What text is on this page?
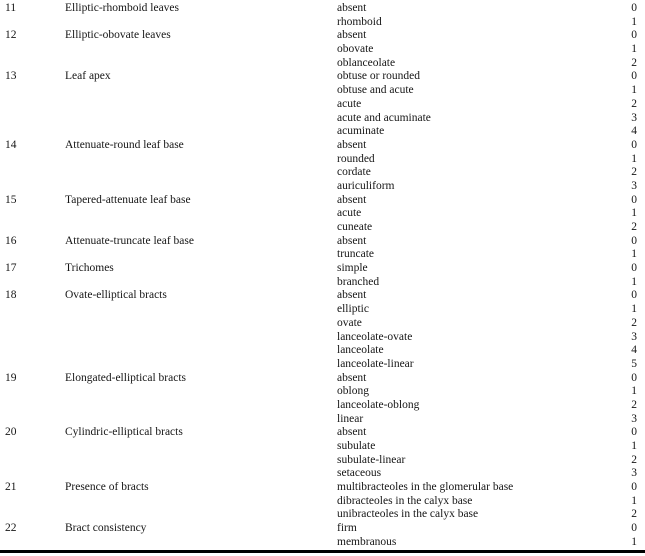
11	Elliptic-rhomboid leaves	absent	0
rhomboid	1
12	Elliptic-obovate leaves	absent	0
obovate	1
oblanceolate	2
13	Leaf apex	obtuse or rounded	0
obtuse and acute	1
acute	2
acute and acuminate	3
acuminate	4
14	Attenuate-round leaf base	absent	0
rounded	1
cordate	2
auriculiform	3
15	Tapered-attenuate leaf base	absent	0
acute	1
cuneate	2
16	Attenuate-truncate leaf base	absent	0
truncate	1
17	Trichomes	simple	0
branched	1
18	Ovate-elliptical bracts	absent	0
elliptic	1
ovate	2
lanceolate-ovate	3
lanceolate	4
lanceolate-linear	5
19	Elongated-elliptical bracts	absent	0
oblong	1
lanceolate-oblong	2
linear	3
20	Cylindric-elliptical bracts	absent	0
subulate	1
subulate-linear	2
setaceous	3
21	Presence of bracts	multibracteoles in the glomerular base	0
dibracteoles in the calyx base	1
unibracteoles in the calyx base	2
22	Bract consistency	firm	0
membranous	1
